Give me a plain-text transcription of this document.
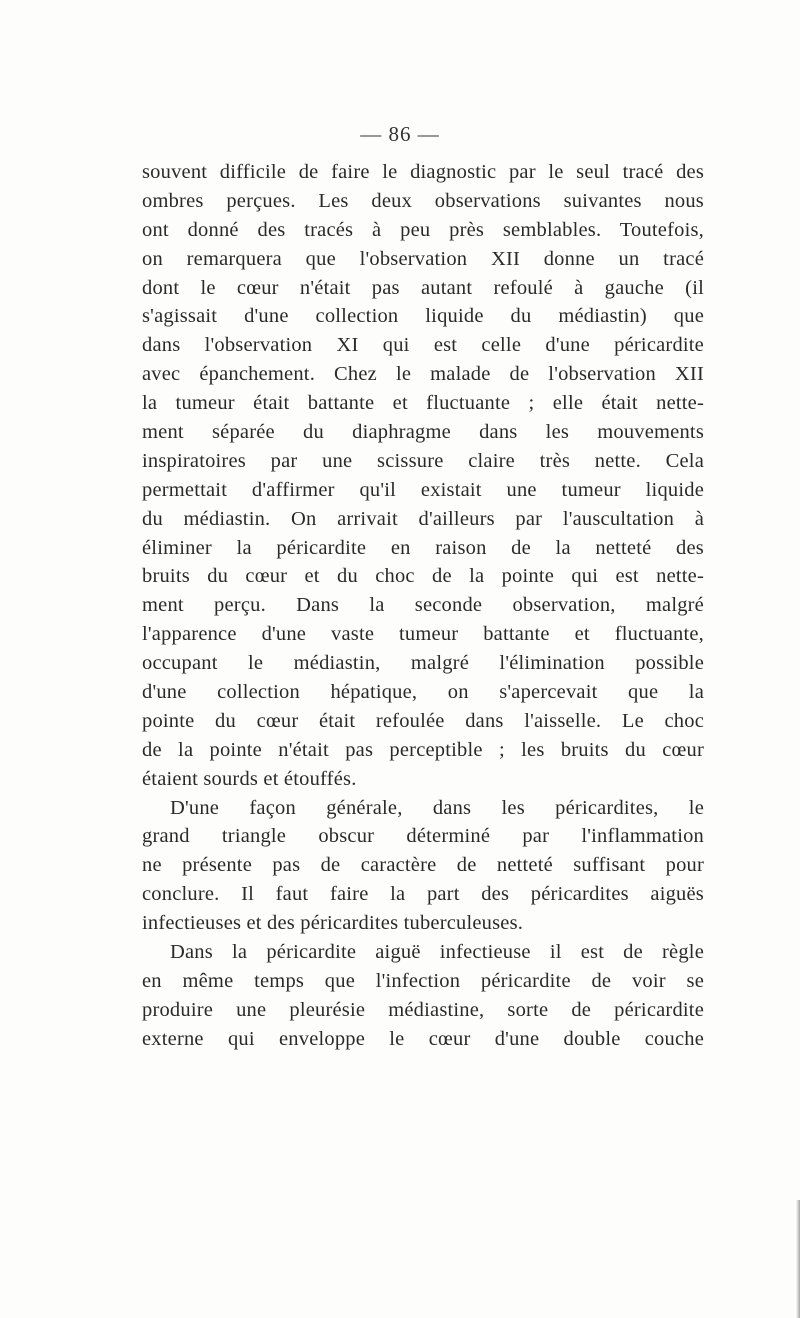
— 86 —
souvent difficile de faire le diagnostic par le seul tracé des
ombres perçues. Les deux observations suivantes nous
ont donné des tracés à peu près semblables. Toutefois,
on remarquera que l'observation XII donne un tracé
dont le cœur n'était pas autant refoulé à gauche (il
s'agissait d'une collection liquide du médiastin) que
dans l'observation XI qui est celle d'une péricardite
avec épanchement. Chez le malade de l'observation XII
la tumeur était battante et fluctuante ; elle était nette-
ment séparée du diaphragme dans les mouvements
inspiratoires par une scissure claire très nette. Cela
permettait d'affirmer qu'il existait une tumeur liquide
du médiastin. On arrivait d'ailleurs par l'auscultation à
éliminer la péricardite en raison de la netteté des
bruits du cœur et du choc de la pointe qui est nette-
ment perçu. Dans la seconde observation, malgré
l'apparence d'une vaste tumeur battante et fluctuante,
occupant le médiastin, malgré l'élimination possible
d'une collection hépatique, on s'apercevait que la
pointe du cœur était refoulée dans l'aisselle. Le choc
de la pointe n'était pas perceptible ; les bruits du cœur
étaient sourds et étouffés.
D'une façon générale, dans les péricardites, le
grand triangle obscur déterminé par l'inflammation
ne présente pas de caractère de netteté suffisant pour
conclure. Il faut faire la part des péricardites aiguës
infectieuses et des péricardites tuberculeuses.
Dans la péricardite aiguë infectieuse il est de règle
en même temps que l'infection péricardite de voir se
produire une pleurésie médiastine, sorte de péricardite
externe qui enveloppe le cœur d'une double couche
